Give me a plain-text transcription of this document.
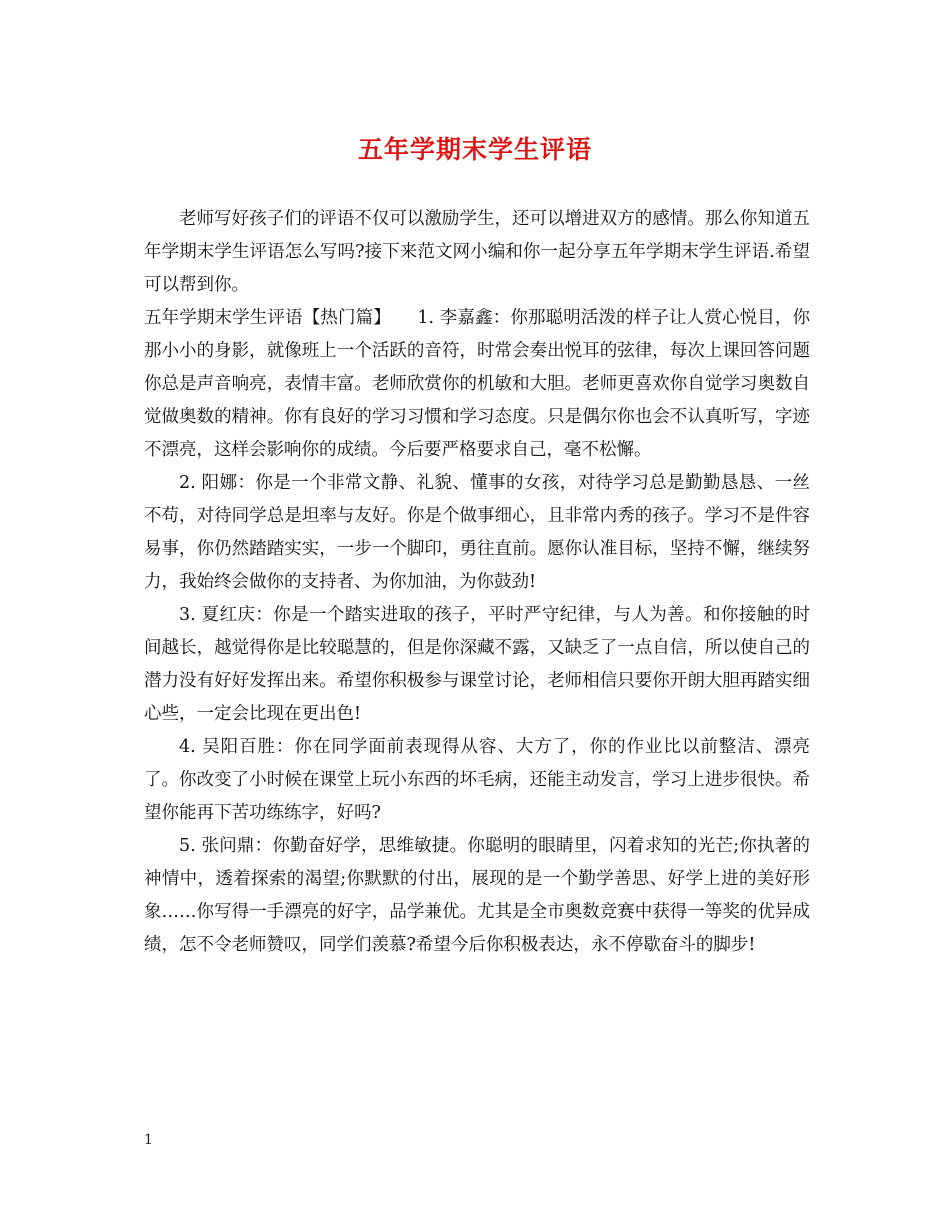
五年学期末学生评语

老师写好孩子们的评语不仅可以激励学生，还可以增进双方的感情。那么你知道五年学期末学生评语怎么写吗?接下来范文网小编和你一起分享五年学期末学生评语.希望可以帮到你。

五年学期末学生评语【热门篇】　　1. 李嘉鑫：你那聪明活泼的样子让人赏心悦目，你那小小的身影，就像班上一个活跃的音符，时常会奏出悦耳的弦律，每次上课回答问题你总是声音响亮，表情丰富。老师欣赏你的机敏和大胆。老师更喜欢你自觉学习奥数自觉做奥数的精神。你有良好的学习习惯和学习态度。只是偶尔你也会不认真听写，字迹不漂亮，这样会影响你的成绩。今后要严格要求自己，毫不松懈。

2. 阳娜：你是一个非常文静、礼貌、懂事的女孩，对待学习总是勤勤恳恳、一丝不苟，对待同学总是坦率与友好。你是个做事细心，且非常内秀的孩子。学习不是件容易事，你仍然踏踏实实，一步一个脚印，勇往直前。愿你认准目标，坚持不懈，继续努力，我始终会做你的支持者、为你加油，为你鼓劲!

3. 夏红庆：你是一个踏实进取的孩子，平时严守纪律，与人为善。和你接触的时间越长，越觉得你是比较聪慧的，但是你深藏不露，又缺乏了一点自信，所以使自己的潜力没有好好发挥出来。希望你积极参与课堂讨论，老师相信只要你开朗大胆再踏实细心些，一定会比现在更出色!

4. 吴阳百胜：你在同学面前表现得从容、大方了，你的作业比以前整洁、漂亮了。你改变了小时候在课堂上玩小东西的坏毛病，还能主动发言，学习上进步很快。希望你能再下苦功练练字，好吗?

5. 张问鼎：你勤奋好学，思维敏捷。你聪明的眼睛里，闪着求知的光芒;你执著的神情中，透着探索的渴望;你默默的付出，展现的是一个勤学善思、好学上进的美好形象……你写得一手漂亮的好字，品学兼优。尤其是全市奥数竞赛中获得一等奖的优异成绩，怎不令老师赞叹，同学们羡慕?希望今后你积极表达，永不停歇奋斗的脚步!

1
